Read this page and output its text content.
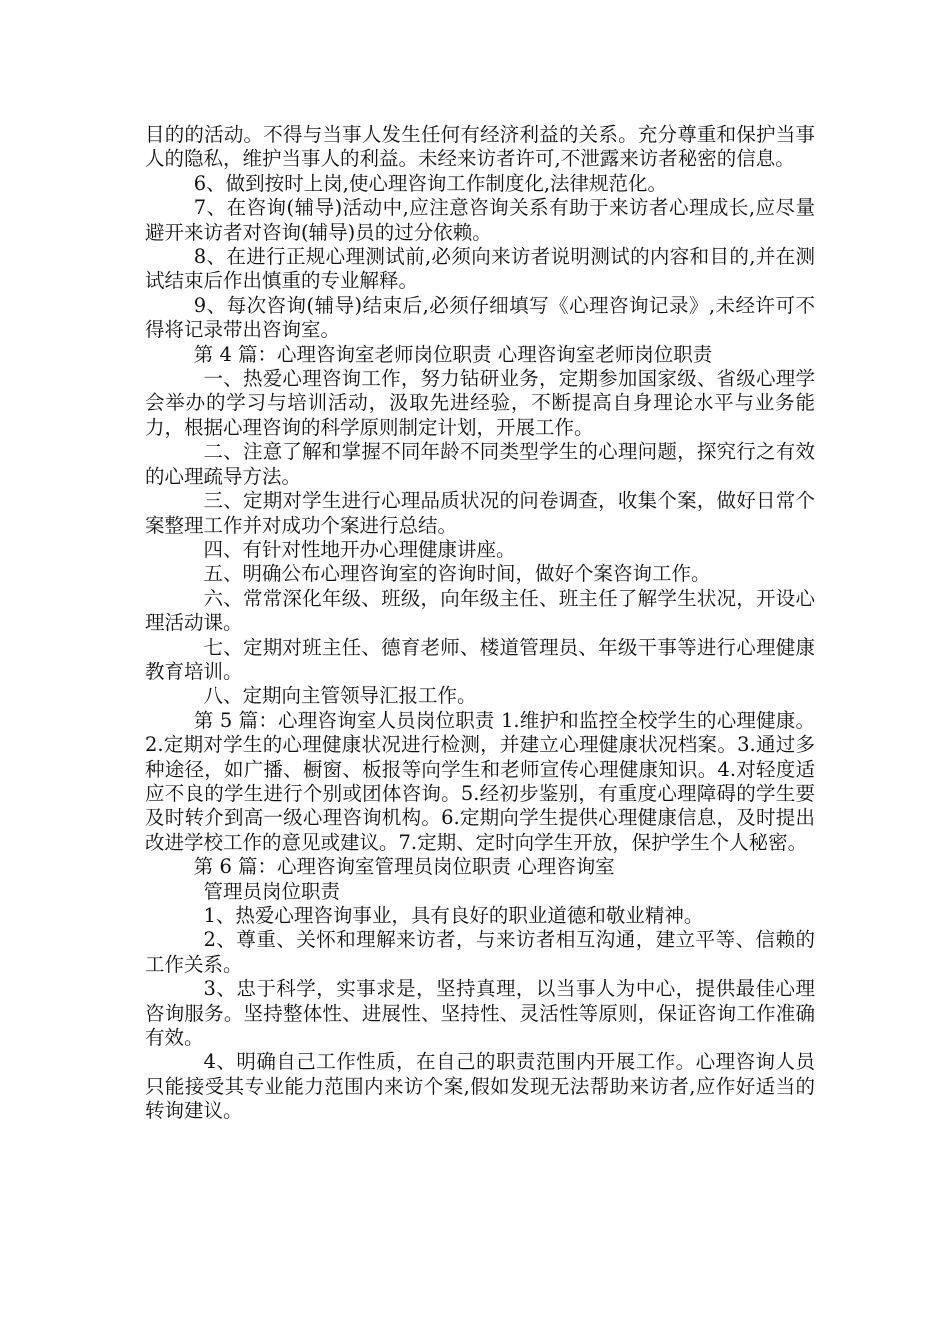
目的的活动。不得与当事人发生任何有经济利益的关系。充分尊重和保护当事人的隐私，维护当事人的利益。未经来访者许可,不泄露来访者秘密的信息。

6、做到按时上岗,使心理咨询工作制度化,法律规范化。

7、在咨询(辅导)活动中,应注意咨询关系有助于来访者心理成长,应尽量避开来访者对咨询(辅导)员的过分依赖。

8、在进行正规心理测试前,必须向来访者说明测试的内容和目的,并在测试结束后作出慎重的专业解释。

9、每次咨询(辅导)结束后,必须仔细填写《心理咨询记录》,未经许可不得将记录带出咨询室。

第 4 篇：心理咨询室老师岗位职责 心理咨询室老师岗位职责

一、热爱心理咨询工作，努力钻研业务，定期参加国家级、省级心理学会举办的学习与培训活动，汲取先进经验，不断提高自身理论水平与业务能力，根据心理咨询的科学原则制定计划，开展工作。

二、注意了解和掌握不同年龄不同类型学生的心理问题，探究行之有效的心理疏导方法。

三、定期对学生进行心理品质状况的问卷调查，收集个案，做好日常个案整理工作并对成功个案进行总结。

四、有针对性地开办心理健康讲座。

五、明确公布心理咨询室的咨询时间，做好个案咨询工作。

六、常常深化年级、班级，向年级主任、班主任了解学生状况，开设心理活动课。

七、定期对班主任、德育老师、楼道管理员、年级干事等进行心理健康教育培训。

八、定期向主管领导汇报工作。

第 5 篇：心理咨询室人员岗位职责 1.维护和监控全校学生的心理健康。2.定期对学生的心理健康状况进行检测，并建立心理健康状况档案。3.通过多种途径，如广播、橱窗、板报等向学生和老师宣传心理健康知识。4.对轻度适应不良的学生进行个别或团体咨询。5.经初步鉴别，有重度心理障碍的学生要及时转介到高一级心理咨询机构。6.定期向学生提供心理健康信息，及时提出改进学校工作的意见或建议。7.定期、定时向学生开放，保护学生个人秘密。

第 6 篇：心理咨询室管理员岗位职责 心理咨询室

管理员岗位职责

1、热爱心理咨询事业，具有良好的职业道德和敬业精神。

2、尊重、关怀和理解来访者，与来访者相互沟通，建立平等、信赖的工作关系。

3、忠于科学，实事求是，坚持真理，以当事人为中心，提供最佳心理咨询服务。坚持整体性、进展性、坚持性、灵活性等原则，保证咨询工作准确有效。

4、明确自己工作性质，在自己的职责范围内开展工作。心理咨询人员只能接受其专业能力范围内来访个案,假如发现无法帮助来访者,应作好适当的转询建议。
